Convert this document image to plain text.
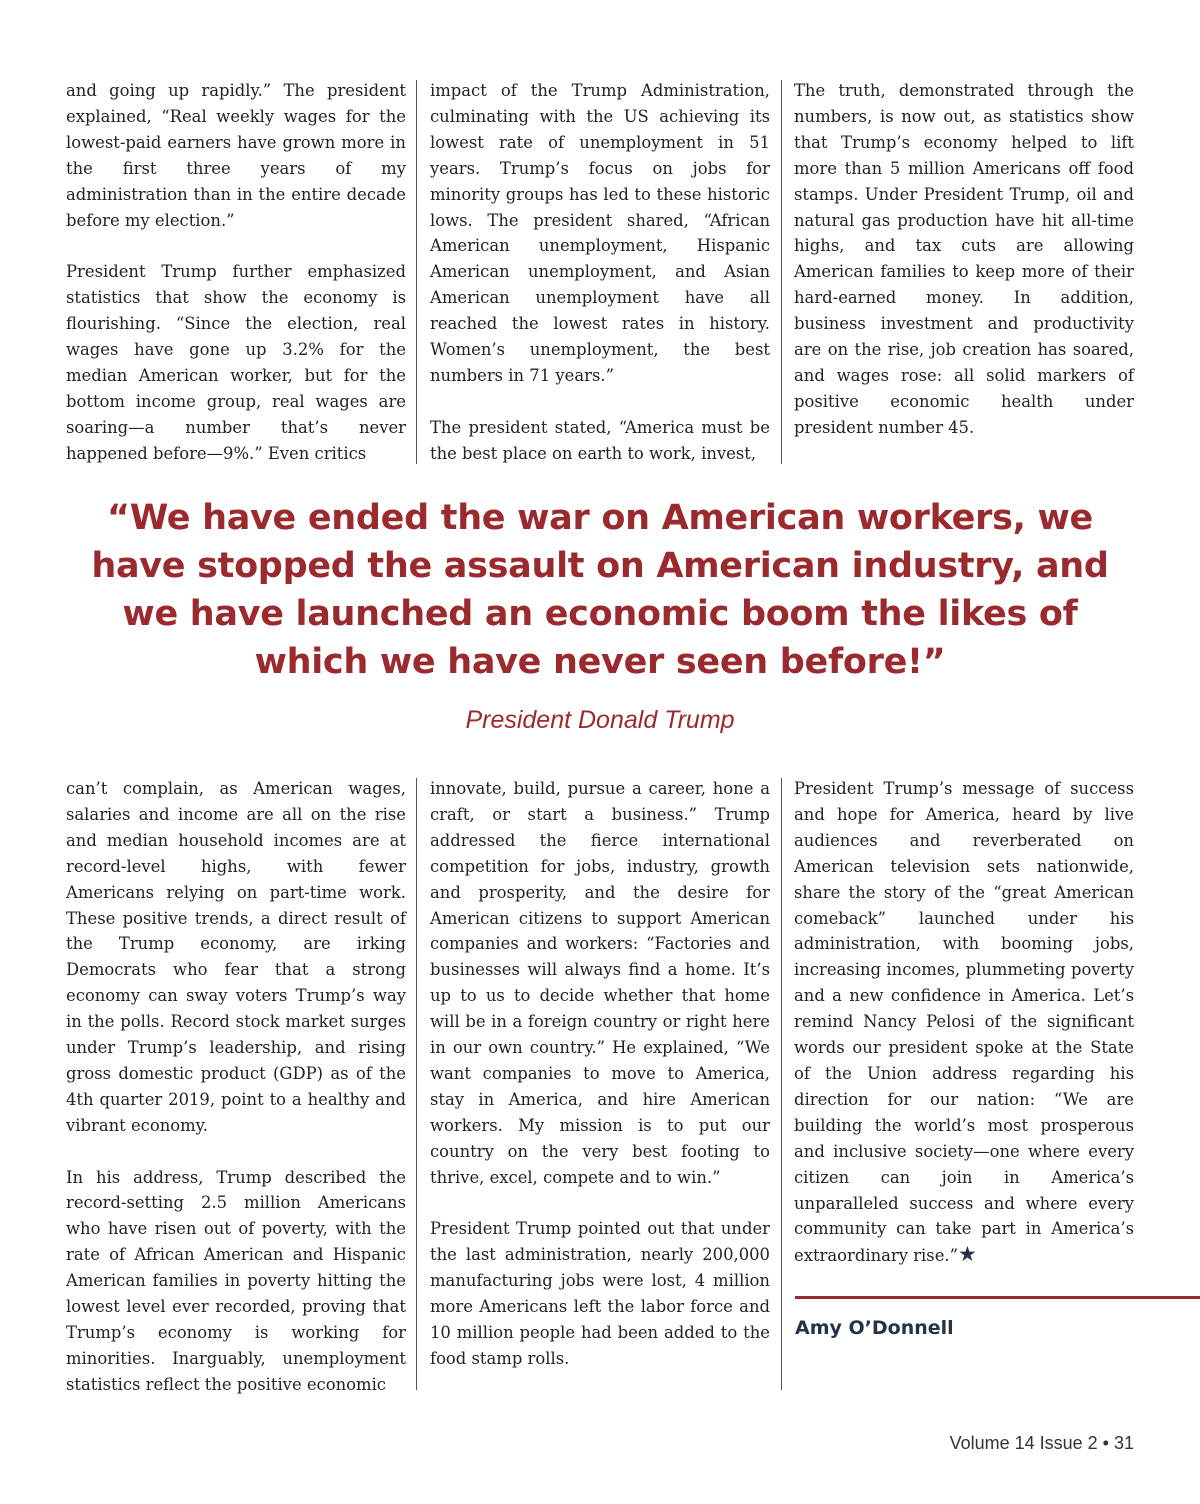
and going up rapidly.” The president explained, “Real weekly wages for the lowest-paid earners have grown more in the first three years of my administration than in the entire decade before my election.”

President Trump further emphasized statistics that show the economy is flourishing. “Since the election, real wages have gone up 3.2% for the median American worker, but for the bottom income group, real wages are soaring—a number that’s never happened before—9%.” Even critics

impact of the Trump Administration, culminating with the US achieving its lowest rate of unemployment in 51 years. Trump’s focus on jobs for minority groups has led to these historic lows. The president shared, “African American unemployment, Hispanic American unemployment, and Asian American unemployment have all reached the lowest rates in history. Women’s unemployment, the best numbers in 71 years.”

The president stated, “America must be the best place on earth to work, invest,

The truth, demonstrated through the numbers, is now out, as statistics show that Trump’s economy helped to lift more than 5 million Americans off food stamps. Under President Trump, oil and natural gas production have hit all-time highs, and tax cuts are allowing American families to keep more of their hard-earned money. In addition, business investment and productivity are on the rise, job creation has soared, and wages rose: all solid markers of positive economic health under president number 45.

“We have ended the war on American workers, we have stopped the assault on American industry, and we have launched an economic boom the likes of which we have never seen before!”
President Donald Trump

can’t complain, as American wages, salaries and income are all on the rise and median household incomes are at record-level highs, with fewer Americans relying on part-time work. These positive trends, a direct result of the Trump economy, are irking Democrats who fear that a strong economy can sway voters Trump’s way in the polls. Record stock market surges under Trump’s leadership, and rising gross domestic product (GDP) as of the 4th quarter 2019, point to a healthy and vibrant economy.

In his address, Trump described the record-setting 2.5 million Americans who have risen out of poverty, with the rate of African American and Hispanic American families in poverty hitting the lowest level ever recorded, proving that Trump’s economy is working for minorities. Inarguably, unemployment statistics reflect the positive economic

innovate, build, pursue a career, hone a craft, or start a business.” Trump addressed the fierce international competition for jobs, industry, growth and prosperity, and the desire for American citizens to support American companies and workers: “Factories and businesses will always find a home. It’s up to us to decide whether that home will be in a foreign country or right here in our own country.” He explained, “We want companies to move to America, stay in America, and hire American workers. My mission is to put our country on the very best footing to thrive, excel, compete and to win.”

President Trump pointed out that under the last administration, nearly 200,000 manufacturing jobs were lost, 4 million more Americans left the labor force and 10 million people had been added to the food stamp rolls.

President Trump’s message of success and hope for America, heard by live audiences and reverberated on American television sets nationwide, share the story of the “great American comeback” launched under his administration, with booming jobs, increasing incomes, plummeting poverty and a new confidence in America. Let’s remind Nancy Pelosi of the significant words our president spoke at the State of the Union address regarding his direction for our nation: “We are building the world’s most prosperous and inclusive society—one where every citizen can join in America’s unparalleled success and where every community can take part in America’s extraordinary rise.”★

Amy O’Donnell
Volume 14 Issue 2 • 31
